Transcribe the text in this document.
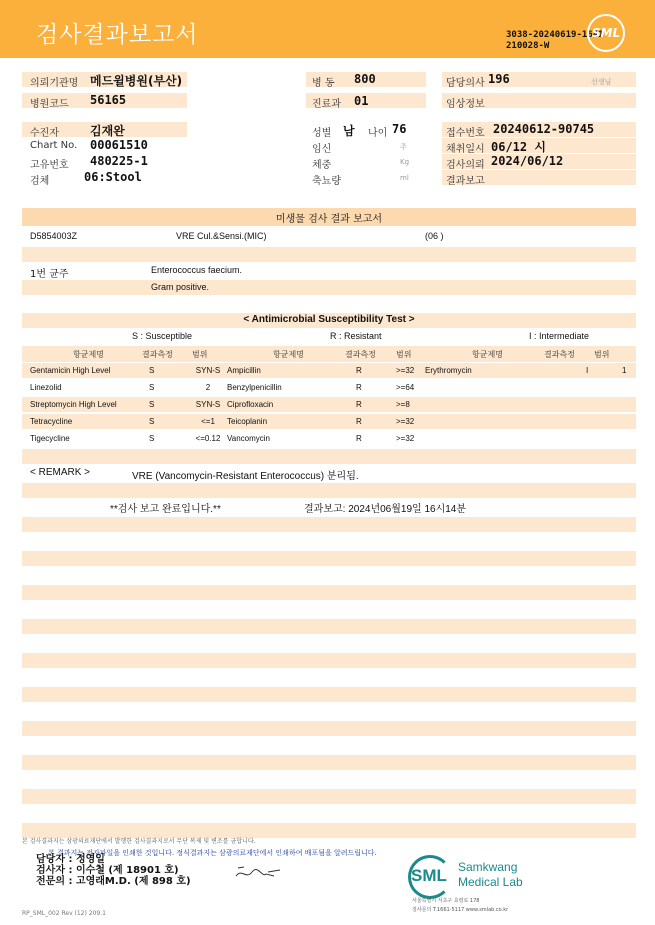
검사결과보고서	3038-20240619-1641
210028-W
SML
의뢰기관명 메드윌병원(부산)	병 동 800	담당의사 196	선생님
병원코드 56165	진료과 01	임상정보
수진자	김재완	성별 남 나이 76	접수번호 20240612-90745
Chart No. 00061510	임신	주	채취일시 06/12 시
고유번호 480225-1	체중	Kg	검사의뢰 2024/06/12
검체	06:Stool	축뇨량	ml	결과보고
미생물 검사 결과 보고서
D5854003Z	VRE Cul.&Sensi.(MIC)	(06 )
1번 균주	Enterococcus faecium.
Gram positive.
< Antimicrobial Susceptibility Test >
S : Susceptible	R : Resistant	I : Intermediate
항균제명	결과측정 범위	항균제명	결과측정	범위	항균제명	결과측정 범위
Gentamicin High Level	S	SYN-S Ampicillin	R	>=32 Erythromycin	I	1
Linezolid	S	2	Benzylpenicillin	R	>=64
Streptomycin High Level	S	SYN-S Ciprofloxacin	R	>=8
Tetracycline	S	<=1	Teicoplanin	R	>=32
Tigecycline	S	<=0.12 Vancomycin	R	>=32
< REMARK >	VRE (Vancomycin-Resistant Enterococcus) 분리됨.
**검사 보고 완료입니다.**	결과보고: 2024년06월19일 16시14분
본 검사결과지는 삼광의료재단에서 발행한 검사결과지로서 무단 복제 및 변조를 금합니다.
본 결과지는 전자파일을 인쇄한 것입니다. 정식결과지는 삼광의료재단에서 인쇄하여 배포됨을 알려드립니다.
담당자 : 정영일
검사자 : 이수철 (제 18901 호)
전문의 : 고영래M.D. (제 898 호)	SML Samkwang
Medical Lab
서울특별시 서초구 효령로 178
검사문의 T.1661-5117 www.smlab.co.kr
RP_SML_002 Rev (12) 209.1
